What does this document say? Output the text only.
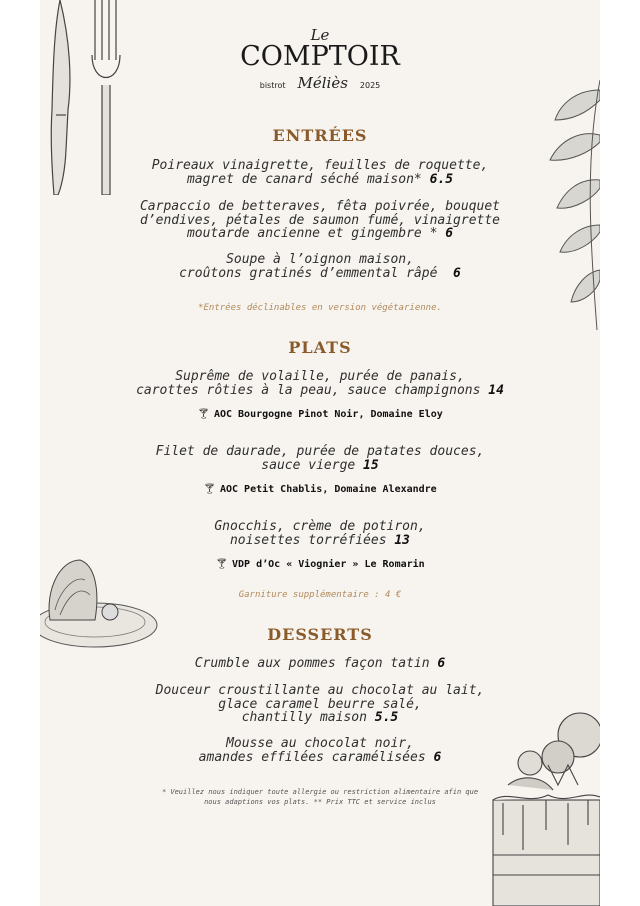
Le
COMPTOIR
bistrot Méliès 2025
ENTRÉES
Poireaux vinaigrette, feuilles de roquette,
magret de canard séché maison* 6.5
Carpaccio de betteraves, fêta poivrée, bouquet
d’endives, pétales de saumon fumé, vinaigrette
moutarde ancienne et gingembre * 6
Soupe à l’oignon maison,
croûtons gratinés d’emmental râpé 6
*Entrées déclinables en version végétarienne.
PLATS
Suprême de volaille, purée de panais,
carottes rôties à la peau, sauce champignons 14
🍸︎ AOC Bourgogne Pinot Noir, Domaine Eloy
Filet de daurade, purée de patates douces,
sauce vierge 15
🍸︎ AOC Petit Chablis, Domaine Alexandre
Gnocchis, crème de potiron,
noisettes torréfiées 13
🍸︎ VDP d’Oc « Viognier » Le Romarin
Garniture supplémentaire : 4 €
DESSERTS
Crumble aux pommes façon tatin 6
Douceur croustillante au chocolat au lait,
glace caramel beurre salé,
chantilly maison 5.5
Mousse au chocolat noir,
amandes effilées caramélisées 6
* Veuillez nous indiquer toute allergie ou restriction alimentaire afin que
nous adaptions vos plats. ** Prix TTC et service inclus
